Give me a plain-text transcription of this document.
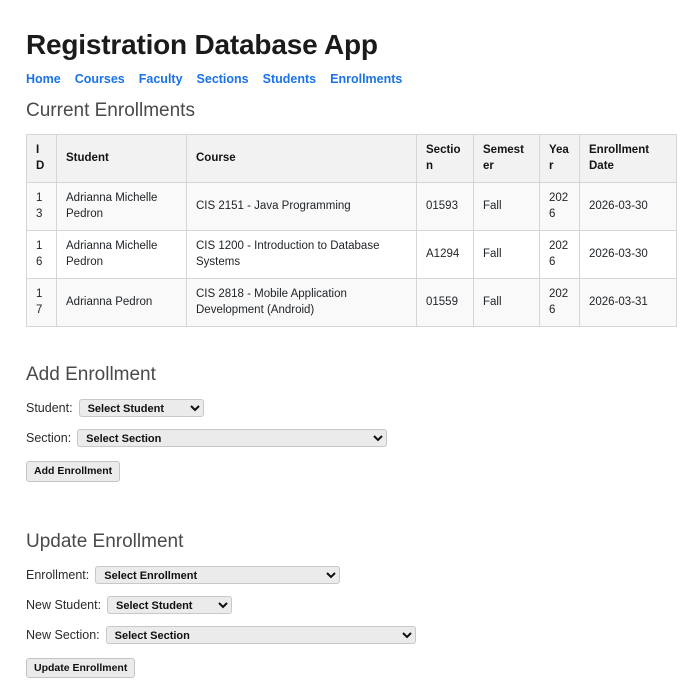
Registration Database App
Home Courses Faculty Sections Students Enrollments
Current Enrollments
ID	Student	Course	Section	Semester	Year	Enrollment Date
13	Adrianna Michelle Pedron	CIS 2151 - Java Programming	01593	Fall	2026	2026-03-30
16	Adrianna Michelle Pedron	CIS 1200 - Introduction to Database Systems	A1294	Fall	2026	2026-03-30
17	Adrianna Pedron	CIS 2818 - Mobile Application Development (Android)	01559	Fall	2026	2026-03-31
Add Enrollment
Student:
Select Student
Section:
Select Section
Add Enrollment
Update Enrollment
Enrollment:
Select Enrollment
New Student:
Select Student
New Section:
Select Section
Update Enrollment
